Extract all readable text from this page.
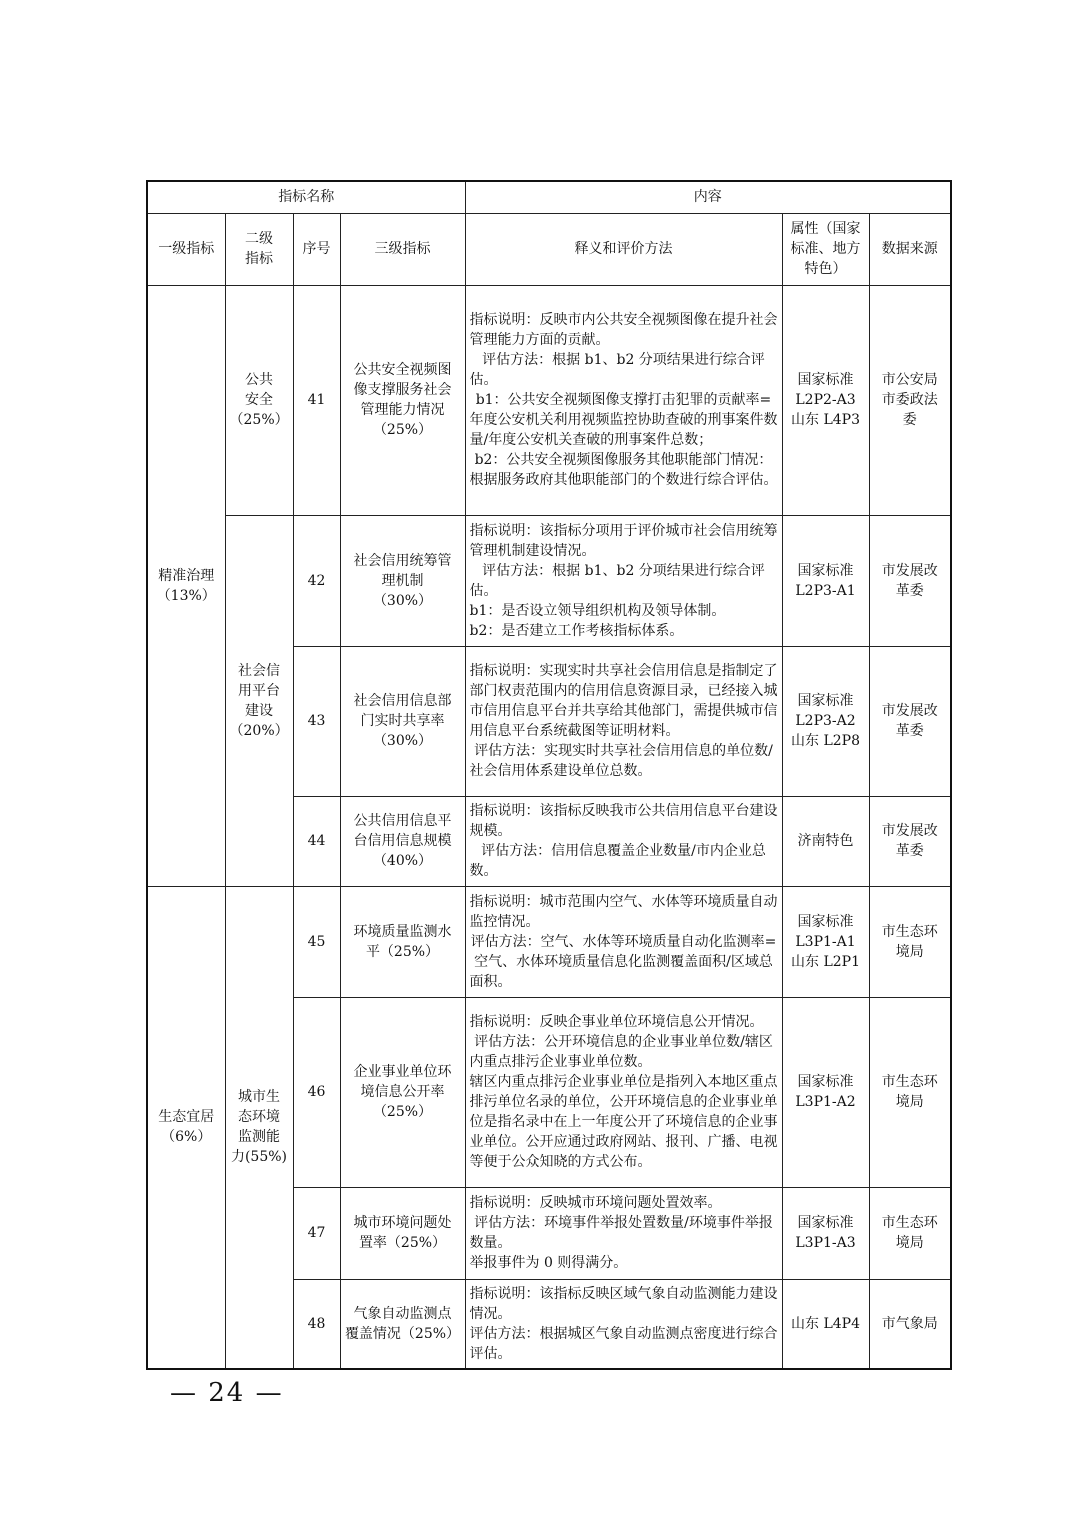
指标名称				内容		
一级指标	二级
指标	序号	三级指标	释义和评价方法	属性（国家
标准、地方
特色）	数据来源
精准治理
（13%）	公共
安全
（25%）	41	公共安全视频图
像支撑服务社会
管理能力情况
（25%）	指标说明：反映市内公共安全视频图像在提升社会管理能力方面的贡献。
评估方法：根据 b1、b2 分项结果进行综合评估。
b1：公共安全视频图像支撑打击犯罪的贡献率=年度公安机关利用视频监控协助查破的刑事案件数量/年度公安机关查破的刑事案件总数；
b2：公共安全视频图像服务其他职能部门情况：根据服务政府其他职能部门的个数进行综合评估。	国家标准
L2P2-A3
山东 L4P3	市公安局
市委政法
委
	社会信
用平台
建设
（20%）	42	社会信用统筹管
理机制
（30%）	指标说明：该指标分项用于评价城市社会信用统筹管理机制建设情况。
评估方法：根据 b1、b2 分项结果进行综合评估。
b1：是否设立领导组织机构及领导体制。
b2：是否建立工作考核指标体系。	国家标准
L2P3-A1	市发展改
革委
		43	社会信用信息部
门实时共享率
（30%）	指标说明：实现实时共享社会信用信息是指制定了部门权责范围内的信用信息资源目录，已经接入城市信用信息平台并共享给其他部门，需提供城市信用信息平台系统截图等证明材料。
评估方法：实现实时共享社会信用信息的单位数/社会信用体系建设单位总数。	国家标准
L2P3-A2
山东 L2P8	市发展改
革委
		44	公共信用信息平
台信用信息规模
（40%）	指标说明：该指标反映我市公共信用信息平台建设规模。
评估方法：信用信息覆盖企业数量/市内企业总数。	济南特色	市发展改
革委
生态宜居
（6%）	城市生
态环境
监测能
力(55%)	45	环境质量监测水
平（25%）	指标说明：城市范围内空气、水体等环境质量自动监控情况。
评估方法：空气、水体等环境质量自动化监测率=空气、水体环境质量信息化监测覆盖面积/区域总面积。	国家标准
L3P1-A1
山东 L2P1	市生态环
境局
		46	企业事业单位环
境信息公开率
（25%）	指标说明：反映企事业单位环境信息公开情况。
评估方法：公开环境信息的企业事业单位数/辖区内重点排污企业事业单位数。
辖区内重点排污企业事业单位是指列入本地区重点排污单位名录的单位，公开环境信息的企业事业单位是指名录中在上一年度公开了环境信息的企业事业单位。公开应通过政府网站、报刊、广播、电视等便于公众知晓的方式公布。	国家标准
L3P1-A2	市生态环
境局
		47	城市环境问题处
置率（25%）	指标说明：反映城市环境问题处置效率。
评估方法：环境事件举报处置数量/环境事件举报数量。
举报事件为 0 则得满分。	国家标准
L3P1-A3	市生态环
境局
		48	气象自动监测点
覆盖情况（25%）	指标说明：该指标反映区域气象自动监测能力建设情况。
评估方法：根据城区气象自动监测点密度进行综合评估。	山东 L4P4	市气象局
— 24 —
